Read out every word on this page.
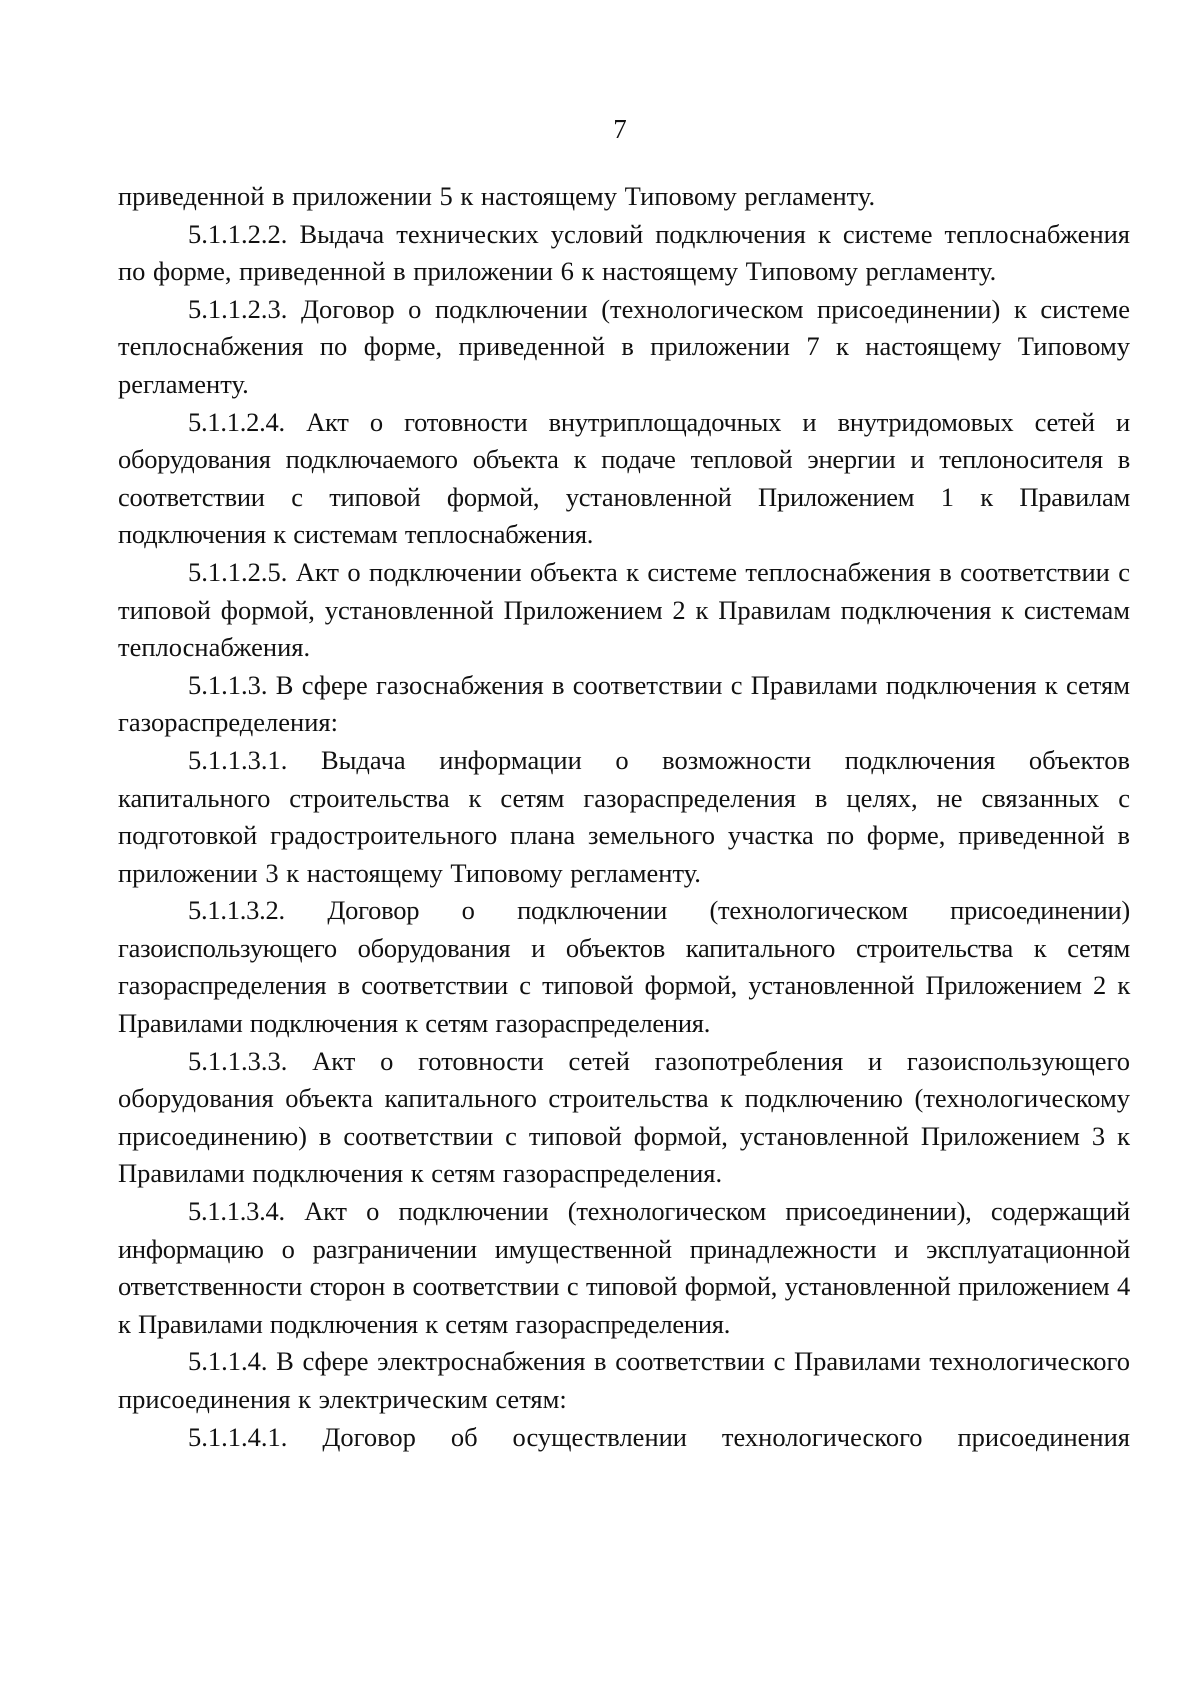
7

приведенной в приложении 5 к настоящему Типовому регламенту.

5.1.1.2.2. Выдача технических условий подключения к системе теплоснабжения по форме, приведенной в приложении 6 к настоящему Типовому регламенту.

5.1.1.2.3. Договор о подключении (технологическом присоединении) к системе теплоснабжения по форме, приведенной в приложении 7 к настоящему Типовому регламенту.

5.1.1.2.4. Акт о готовности внутриплощадочных и внутридомовых сетей и оборудования подключаемого объекта к подаче тепловой энергии и теплоносителя в соответствии с типовой формой, установленной Приложением 1 к Правилам подключения к системам теплоснабжения.

5.1.1.2.5. Акт о подключении объекта к системе теплоснабжения в соответствии с типовой формой, установленной Приложением 2 к Правилам подключения к системам теплоснабжения.

5.1.1.3. В сфере газоснабжения в соответствии с Правилами подключения к сетям газораспределения:

5.1.1.3.1. Выдача информации о возможности подключения объектов капитального строительства к сетям газораспределения в целях, не связанных с подготовкой градостроительного плана земельного участка по форме, приведенной в приложении 3 к настоящему Типовому регламенту.

5.1.1.3.2. Договор о подключении (технологическом присоединении) газоиспользующего оборудования и объектов капитального строительства к сетям газораспределения в соответствии с типовой формой, установленной Приложением 2 к Правилами подключения к сетям газораспределения.

5.1.1.3.3. Акт о готовности сетей газопотребления и газоиспользующего оборудования объекта капитального строительства к подключению (технологическому присоединению) в соответствии с типовой формой, установленной Приложением 3 к Правилами подключения к сетям газораспределения.

5.1.1.3.4. Акт о подключении (технологическом присоединении), содержащий информацию о разграничении имущественной принадлежности и эксплуатационной ответственности сторон в соответствии с типовой формой, установленной приложением 4 к Правилами подключения к сетям газораспределения.

5.1.1.4. В сфере электроснабжения в соответствии с Правилами технологического присоединения к электрическим сетям:

5.1.1.4.1. Договор об осуществлении технологического присоединения
